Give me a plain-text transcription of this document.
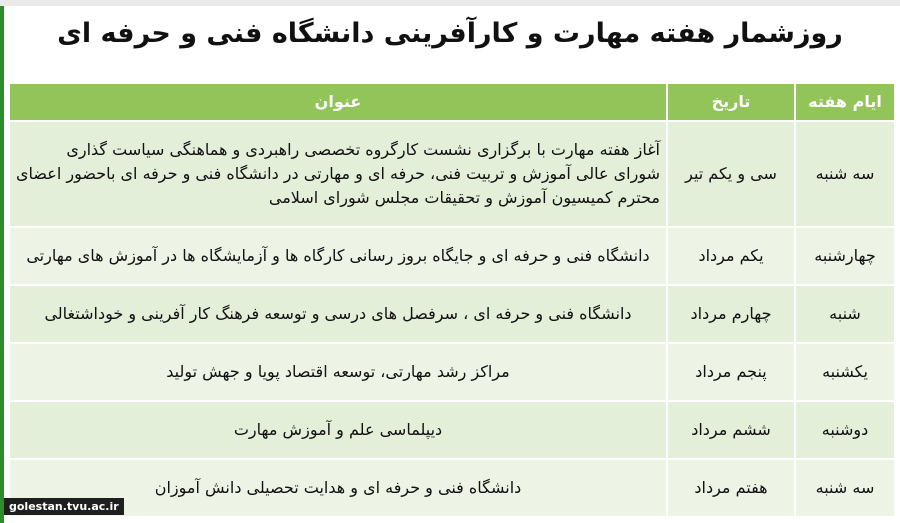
روزشمار هفته مهارت و کارآفرینی دانشگاه فنی و حرفه ای
ایام هفته	تاریخ	عنوان
سه شنبه	سی و یکم تیر	آغاز هفته مهارت با برگزاری نشست کارگروه تخصصی راهبردی و هماهنگی سیاست گذاری شورای عالی آموزش و تربیت فنی، حرفه ای و مهارتی در دانشگاه فنی و حرفه ای باحضور اعضای محترم کمیسیون آموزش و تحقیقات مجلس شورای اسلامی
چهارشنبه	یکم مرداد	دانشگاه فنی و حرفه ای و جایگاه بروز رسانی کارگاه ها و آزمایشگاه ها در آموزش های مهارتی
شنبه	چهارم مرداد	دانشگاه فنی و حرفه ای ، سرفصل های درسی و توسعه فرهنگ کار آفرینی و خوداشتغالی
یکشنبه	پنجم مرداد	مراکز رشد مهارتی، توسعه اقتصاد پویا و جهش تولید
دوشنبه	ششم مرداد	دیپلماسی علم و آموزش مهارت
سه شنبه	هفتم مرداد	دانشگاه فنی و حرفه ای و هدایت تحصیلی دانش آموزان
golestan.tvu.ac.ir
